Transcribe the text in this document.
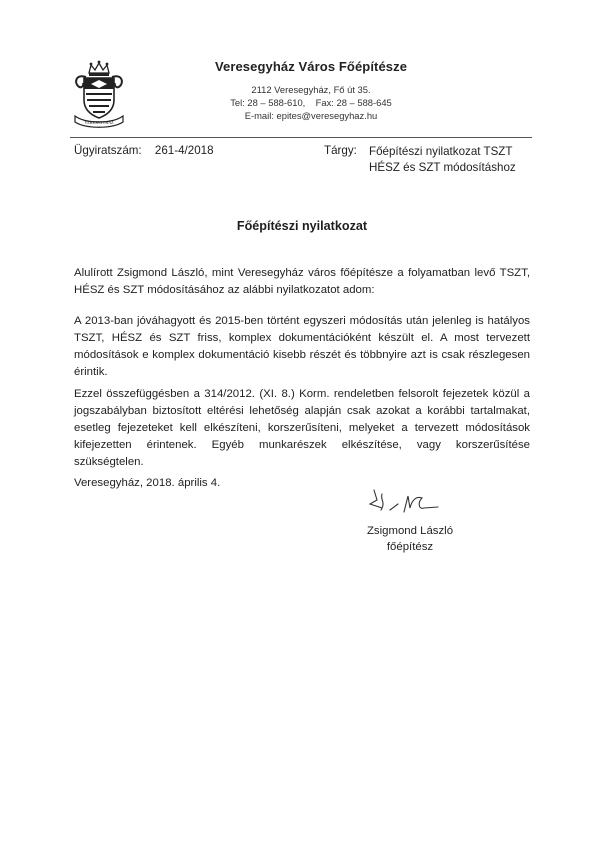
VERESEGYHÁZ
Veresegyház Város Főépítésze
2112 Veresegyház, Fő út 35.
Tel: 28 – 588-610,    Fax: 28 – 588-645
E-mail: epites@veresegyhaz.hu
Ügyiratszám: 261-4/2018	Tárgy: Főépítészi nyilatkozat TSZT HÉSZ és SZT módosításhoz
Főépítészi nyilatkozat
Alulírott Zsigmond László, mint Veresegyház város főépítésze a folyamatban levő TSZT, HÉSZ és SZT módosításához az alábbi nyilatkozatot adom:
A 2013-ban jóváhagyott és 2015-ben történt egyszeri módosítás után jelenleg is hatályos TSZT, HÉSZ és SZT friss, komplex dokumentációként készült el. A most tervezett módosítások e komplex dokumentáció kisebb részét és többnyire azt is csak részlegesen érintik.
Ezzel összefüggésben a 314/2012. (XI. 8.) Korm. rendeletben felsorolt fejezetek közül a jogszabályban biztosított eltérési lehetőség alapján csak azokat a korábbi tartalmakat, esetleg fejezeteket kell elkészíteni, korszerűsíteni, melyeket a tervezett módosítások kifejezetten érintenek. Egyéb munkarészek elkészítése, vagy korszerűsítése szükségtelen.
Veresegyház, 2018. április 4.
Zsigmond László
főépítész
